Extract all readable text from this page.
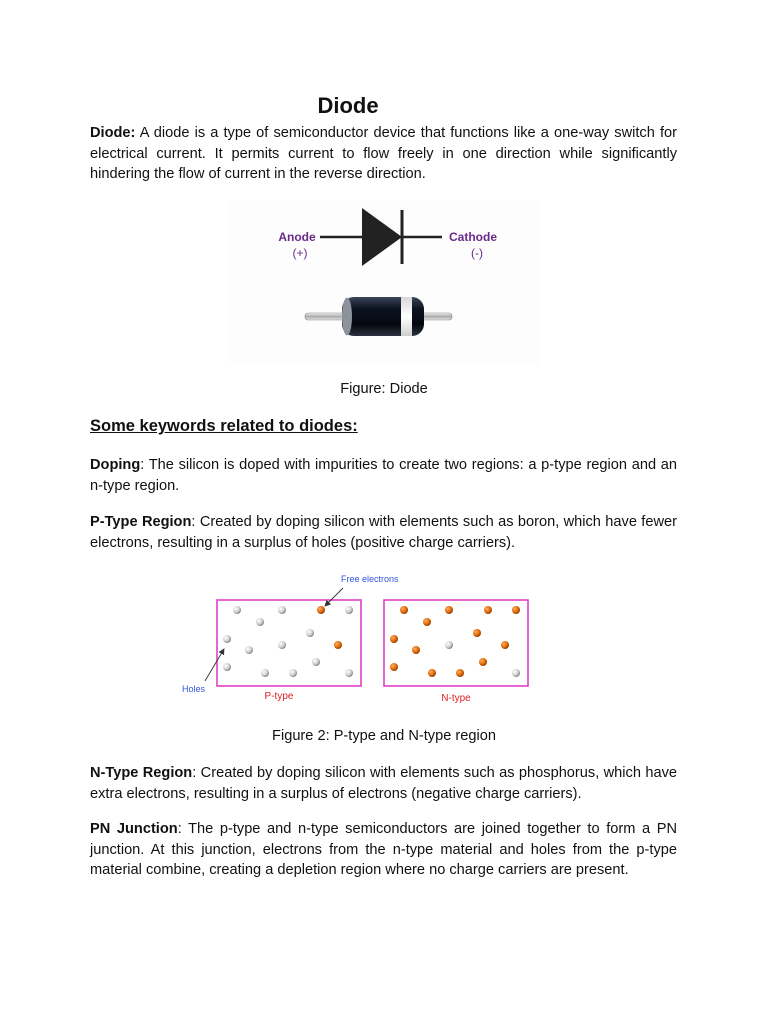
Diode

Diode: A diode is a type of semiconductor device that functions like a one-way switch for electrical current. It permits current to flow freely in one direction while significantly hindering the flow of current in the reverse direction.

Anode
(+)
Cathode
(-)

Figure: Diode

Some keywords related to diodes:

Doping: The silicon is doped with impurities to create two regions: a p-type region and an n-type region.

P-Type Region: Created by doping silicon with elements such as boron, which have fewer electrons, resulting in a surplus of holes (positive charge carriers).

Free electrons
Holes
P-type	N-type

Figure 2: P-type and N-type region

N-Type Region: Created by doping silicon with elements such as phosphorus, which have extra electrons, resulting in a surplus of electrons (negative charge carriers).

PN Junction: The p-type and n-type semiconductors are joined together to form a PN junction. At this junction, electrons from the n-type material and holes from the p-type material combine, creating a depletion region where no charge carriers are present.
